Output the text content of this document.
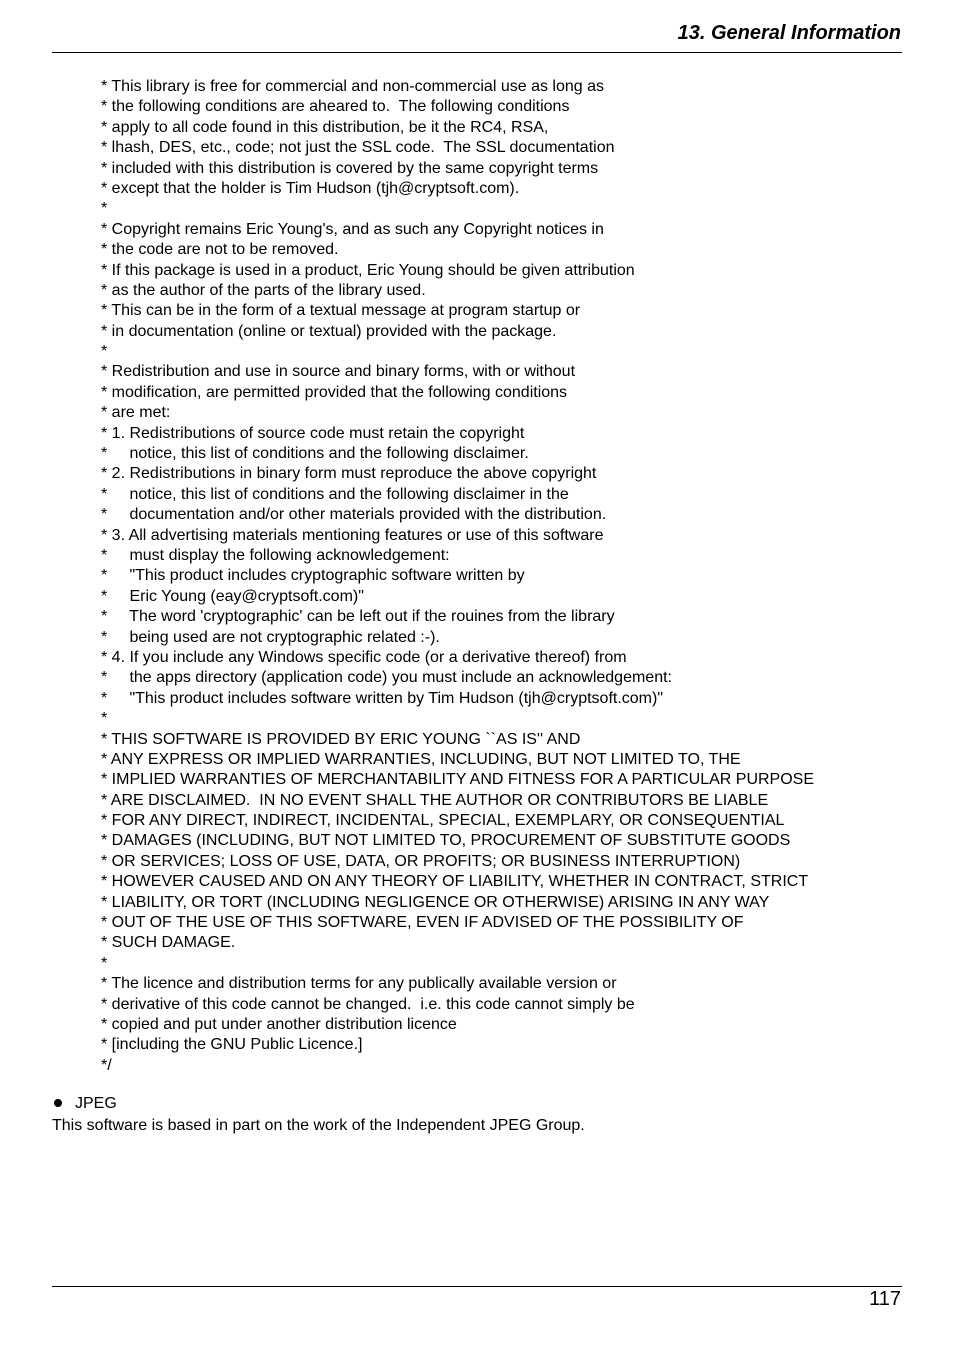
13. General Information
* This library is free for commercial and non-commercial use as long as
* the following conditions are aheared to.  The following conditions
* apply to all code found in this distribution, be it the RC4, RSA,
* lhash, DES, etc., code; not just the SSL code.  The SSL documentation
* included with this distribution is covered by the same copyright terms
* except that the holder is Tim Hudson (tjh@cryptsoft.com).
*
* Copyright remains Eric Young's, and as such any Copyright notices in
* the code are not to be removed.
* If this package is used in a product, Eric Young should be given attribution
* as the author of the parts of the library used.
* This can be in the form of a textual message at program startup or
* in documentation (online or textual) provided with the package.
*
* Redistribution and use in source and binary forms, with or without
* modification, are permitted provided that the following conditions
* are met:
* 1. Redistributions of source code must retain the copyright
*     notice, this list of conditions and the following disclaimer.
* 2. Redistributions in binary form must reproduce the above copyright
*     notice, this list of conditions and the following disclaimer in the
*     documentation and/or other materials provided with the distribution.
* 3. All advertising materials mentioning features or use of this software
*     must display the following acknowledgement:
*     "This product includes cryptographic software written by
*     Eric Young (eay@cryptsoft.com)"
*     The word 'cryptographic' can be left out if the rouines from the library
*     being used are not cryptographic related :-).
* 4. If you include any Windows specific code (or a derivative thereof) from
*     the apps directory (application code) you must include an acknowledgement:
*     "This product includes software written by Tim Hudson (tjh@cryptsoft.com)"
*
* THIS SOFTWARE IS PROVIDED BY ERIC YOUNG ``AS IS'' AND
* ANY EXPRESS OR IMPLIED WARRANTIES, INCLUDING, BUT NOT LIMITED TO, THE
* IMPLIED WARRANTIES OF MERCHANTABILITY AND FITNESS FOR A PARTICULAR PURPOSE
* ARE DISCLAIMED.  IN NO EVENT SHALL THE AUTHOR OR CONTRIBUTORS BE LIABLE
* FOR ANY DIRECT, INDIRECT, INCIDENTAL, SPECIAL, EXEMPLARY, OR CONSEQUENTIAL
* DAMAGES (INCLUDING, BUT NOT LIMITED TO, PROCUREMENT OF SUBSTITUTE GOODS
* OR SERVICES; LOSS OF USE, DATA, OR PROFITS; OR BUSINESS INTERRUPTION)
* HOWEVER CAUSED AND ON ANY THEORY OF LIABILITY, WHETHER IN CONTRACT, STRICT
* LIABILITY, OR TORT (INCLUDING NEGLIGENCE OR OTHERWISE) ARISING IN ANY WAY
* OUT OF THE USE OF THIS SOFTWARE, EVEN IF ADVISED OF THE POSSIBILITY OF
* SUCH DAMAGE.
*
* The licence and distribution terms for any publically available version or
* derivative of this code cannot be changed.  i.e. this code cannot simply be
* copied and put under another distribution licence
* [including the GNU Public Licence.]
*/
JPEG
This software is based in part on the work of the Independent JPEG Group.
117
